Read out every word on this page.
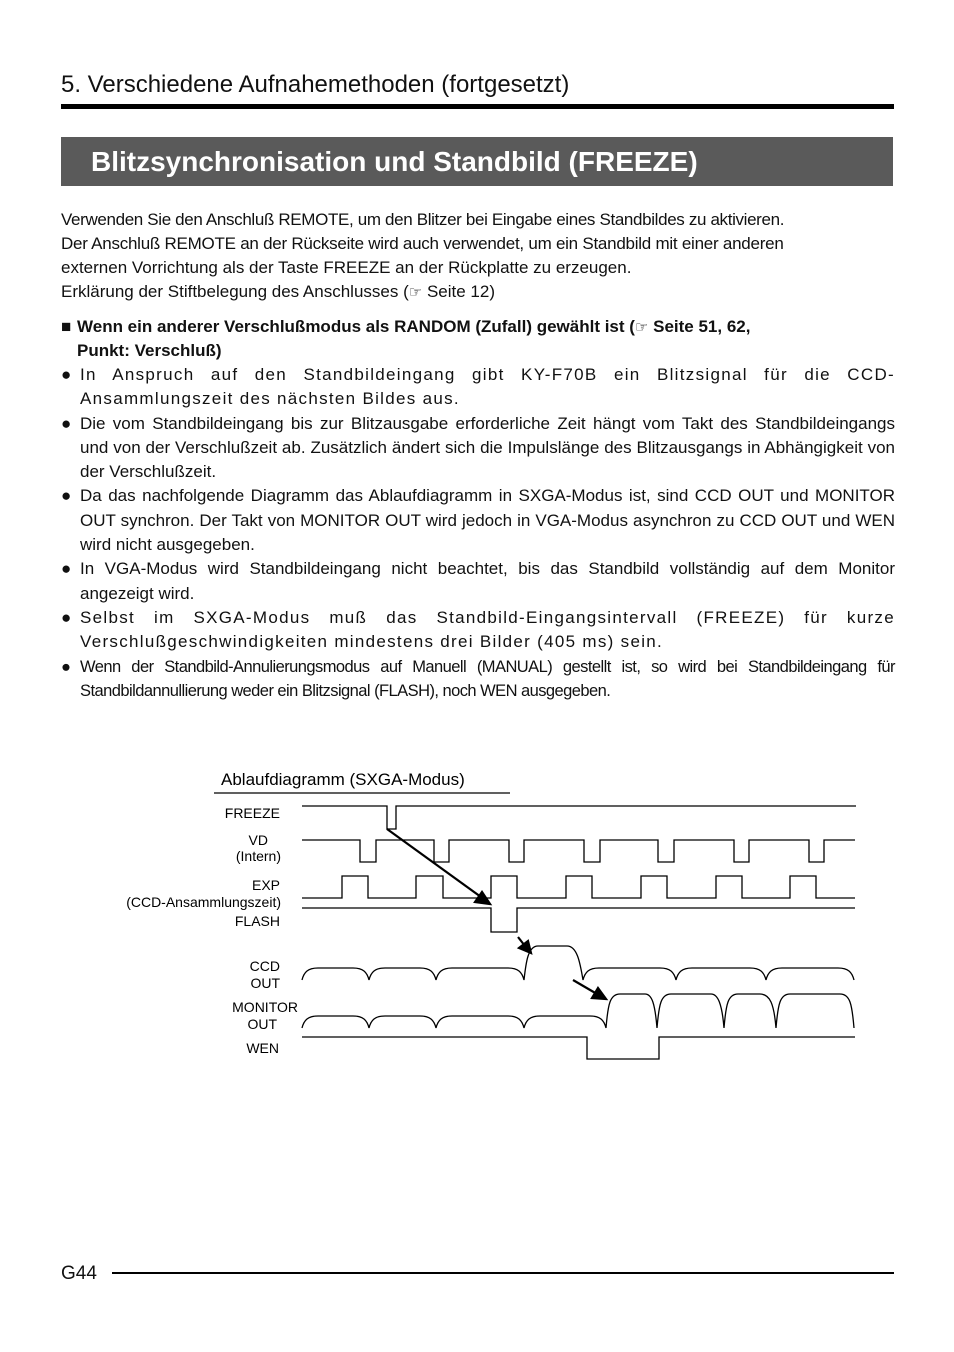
5. Verschiedene Aufnahemethoden (fortgesetzt)
Blitzsynchronisation und Standbild (FREEZE)
Verwenden Sie den Anschluß REMOTE, um den Blitzer bei Eingabe eines Standbildes zu aktivieren.
Der Anschluß REMOTE an der Rückseite wird auch verwendet, um ein Standbild mit einer anderen
externen Vorrichtung als der Taste FREEZE an der Rückplatte zu erzeugen.
Erklärung der Stiftbelegung des Anschlusses (☞ Seite 12)
■ Wenn ein anderer Verschlußmodus als RANDOM (Zufall) gewählt ist (☞ Seite 51, 62,
Punkt: Verschluß)
● In Anspruch auf den Standbildeingang gibt KY-F70B ein Blitzsignal für die CCD-Ansammlungszeit des nächsten Bildes aus.
● Die vom Standbildeingang bis zur Blitzausgabe erforderliche Zeit hängt vom Takt des Standbildeingangs und von der Verschlußzeit ab. Zusätzlich ändert sich die Impulslänge des Blitzausgangs in Abhängigkeit von der Verschlußzeit.
● Da das nachfolgende Diagramm das Ablaufdiagramm in SXGA-Modus ist, sind CCD OUT und MONITOR OUT synchron. Der Takt von MONITOR OUT wird jedoch in VGA-Modus asynchron zu CCD OUT und WEN wird nicht ausgegeben.
● In VGA-Modus wird Standbildeingang nicht beachtet, bis das Standbild vollständig auf dem Monitor angezeigt wird.
● Selbst im SXGA-Modus muß das Standbild-Eingangsintervall (FREEZE) für kurze Verschlußgeschwindigkeiten mindestens drei Bilder (405 ms) sein.
● Wenn der Standbild-Annulierungsmodus auf Manuell (MANUAL) gestellt ist, so wird bei Standbildeingang für Standbildannullierung weder ein Blitzsignal (FLASH), noch WEN ausgegeben.
Ablaufdiagramm (SXGA-Modus)
FREEZE
VD
(Intern)
EXP
(CCD-Ansammlungszeit)
FLASH
CCD
OUT
MONITOR
OUT
WEN
G44
